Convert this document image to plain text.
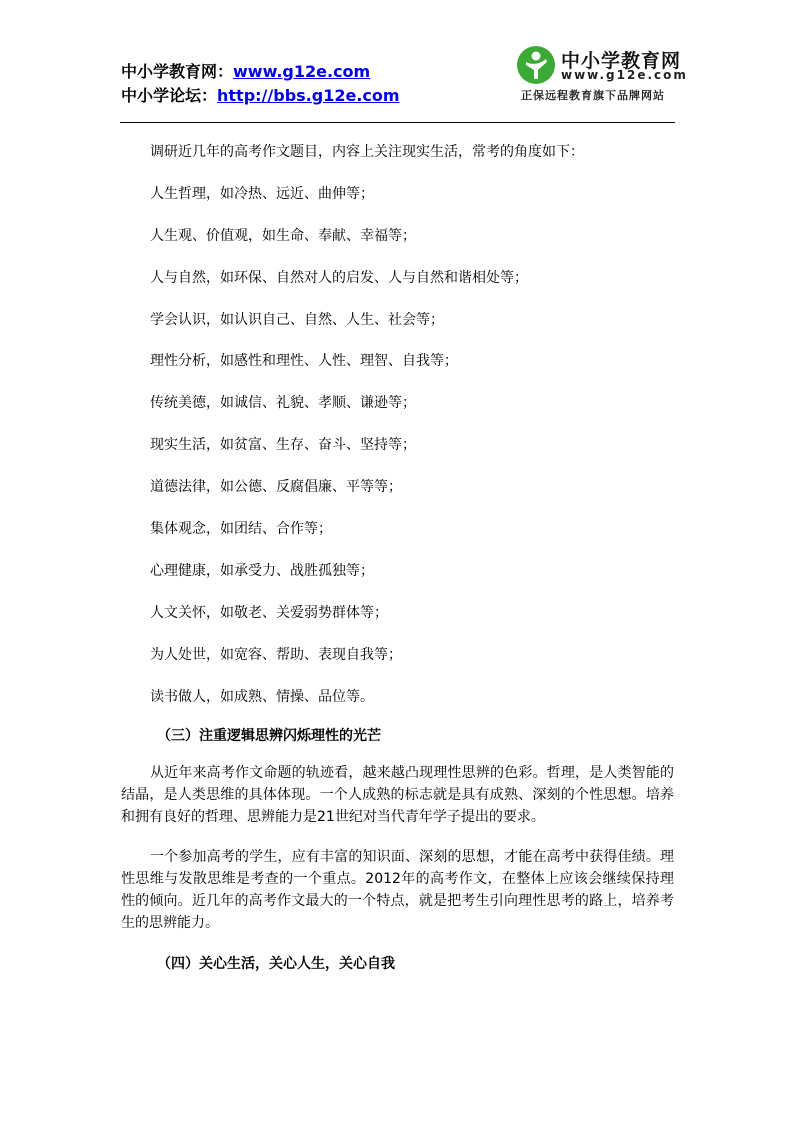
中小学教育网：www.g12e.com
中小学论坛：http://bbs.g12e.com
中小学教育网
www.g12e.com
正保远程教育旗下品牌网站

调研近几年的高考作文题目，内容上关注现实生活，常考的角度如下：

人生哲理，如冷热、远近、曲伸等；

人生观、价值观，如生命、奉献、幸福等；

人与自然，如环保、自然对人的启发、人与自然和谐相处等；

学会认识，如认识自己、自然、人生、社会等；

理性分析，如感性和理性、人性、理智、自我等；

传统美德，如诚信、礼貌、孝顺、谦逊等；

现实生活，如贫富、生存、奋斗、坚持等；

道德法律，如公德、反腐倡廉、平等等；

集体观念，如团结、合作等；

心理健康，如承受力、战胜孤独等；

人文关怀，如敬老、关爱弱势群体等；

为人处世，如宽容、帮助、表现自我等；

读书做人，如成熟、情操、品位等。

（三）注重逻辑思辨闪烁理性的光芒

从近年来高考作文命题的轨迹看，越来越凸现理性思辨的色彩。哲理，是人类智能的结晶，是人类思维的具体体现。一个人成熟的标志就是具有成熟、深刻的个性思想。培养和拥有良好的哲理、思辨能力是21世纪对当代青年学子提出的要求。

一个参加高考的学生，应有丰富的知识面、深刻的思想，才能在高考中获得佳绩。理性思维与发散思维是考查的一个重点。2012年的高考作文，在整体上应该会继续保持理性的倾向。近几年的高考作文最大的一个特点，就是把考生引向理性思考的路上，培养考生的思辨能力。

（四）关心生活，关心人生，关心自我
